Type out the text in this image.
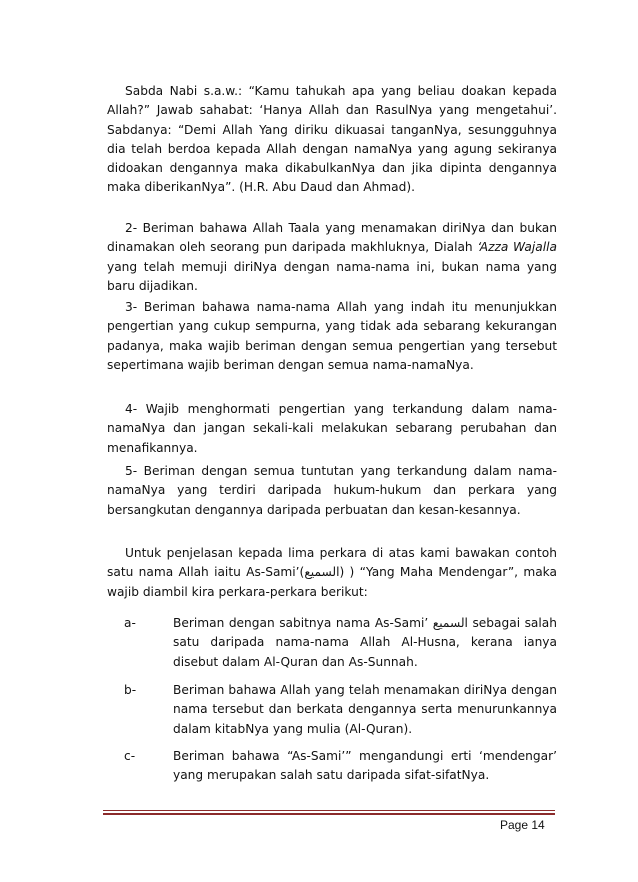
Sabda Nabi s.a.w.: “Kamu tahukah apa yang beliau doakan kepada Allah?” Jawab sahabat: ‘Hanya Allah dan RasulNya yang mengetahui’. Sabdanya: “Demi Allah Yang diriku dikuasai tanganNya, sesungguhnya dia telah berdoa kepada Allah dengan namaNya yang agung sekiranya didoakan dengannya maka dikabulkanNya dan jika dipinta dengannya maka diberikanNya”. (H.R. Abu Daud dan Ahmad).

2- Beriman bahawa Allah Taala yang menamakan diriNya dan bukan dinamakan oleh seorang pun daripada makhluknya, Dialah ‘Azza Wajalla yang telah memuji diriNya dengan nama-nama ini, bukan nama yang baru dijadikan.

3- Beriman bahawa nama-nama Allah yang indah itu menunjukkan pengertian yang cukup sempurna, yang tidak ada sebarang kekurangan padanya, maka wajib beriman dengan semua pengertian yang tersebut sepertimana wajib beriman dengan semua nama-namaNya.

4- Wajib menghormati pengertian yang terkandung dalam nama-namaNya dan jangan sekali-kali melakukan sebarang perubahan dan menafikannya.

5- Beriman dengan semua tuntutan yang terkandung dalam nama-namaNya yang terdiri daripada hukum-hukum dan perkara yang bersangkutan dengannya daripada perbuatan dan kesan-kesannya.

Untuk penjelasan kepada lima perkara di atas kami bawakan contoh satu nama Allah iaitu As-Sami’(السميع) ) “Yang Maha Mendengar”, maka wajib diambil kira perkara-perkara berikut:

a-	Beriman dengan sabitnya nama As-Sami’ السميع sebagai salah satu daripada nama-nama Allah Al-Husna, kerana ianya disebut dalam Al-Quran dan As-Sunnah.
b-	Beriman bahawa Allah yang telah menamakan diriNya dengan nama tersebut dan berkata dengannya serta menurunkannya dalam kitabNya yang mulia (Al-Quran).
c-	Beriman bahawa “As-Sami’” mengandungi erti ‘mendengar’ yang merupakan salah satu daripada sifat-sifatNya.
Page 14
